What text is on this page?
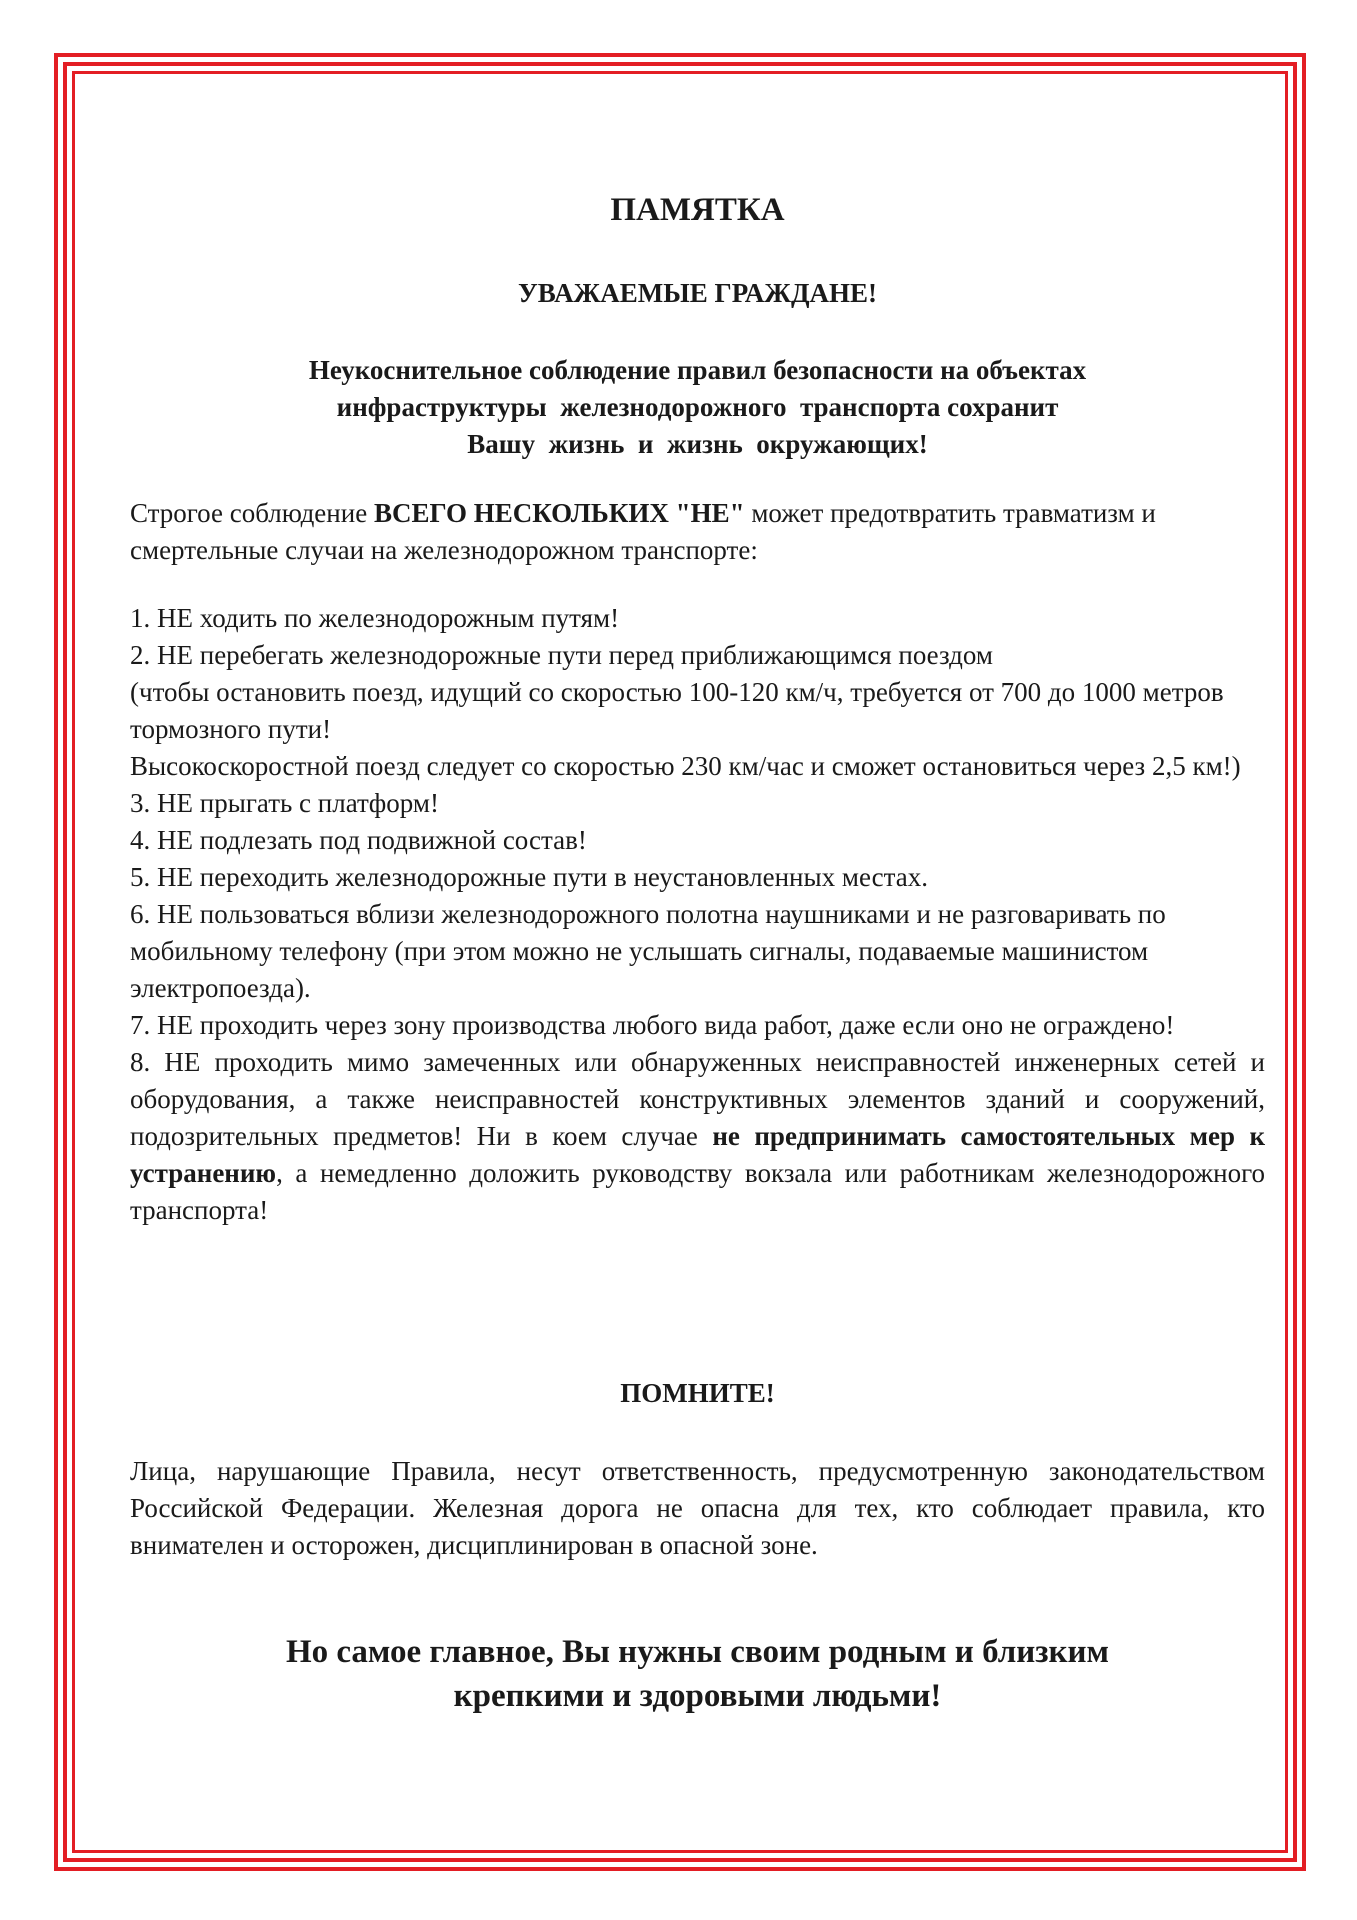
ПАМЯТКА
УВАЖАЕМЫЕ ГРАЖДАНЕ!
Неукоснительное соблюдение правил безопасности на объектах
инфраструктуры  железнодорожного  транспорта сохранит
Вашу  жизнь  и  жизнь  окружающих!
Строгое соблюдение ВСЕГО НЕСКОЛЬКИХ "НЕ" может предотвратить травматизм и смертельные случаи на железнодорожном транспорте:

1. НЕ ходить по железнодорожным путям!

2. НЕ перебегать железнодорожные пути перед приближающимся поездом

(чтобы остановить поезд, идущий со скоростью 100-120 км/ч, требуется от 700 до 1000 метров тормозного пути!

Высокоскоростной поезд следует со скоростью 230 км/час и сможет остановиться через 2,5 км!)

3. НЕ прыгать с платформ!

4. НЕ подлезать под подвижной состав!

5. НЕ переходить железнодорожные пути в неустановленных местах.

6. НЕ пользоваться вблизи железнодорожного полотна наушниками и не разговаривать по мобильному телефону (при этом можно не услышать сигналы, подаваемые машинистом электропоезда).

7. НЕ проходить через зону производства любого вида работ, даже если оно не ограждено!

8. НЕ проходить мимо замеченных или обнаруженных неисправностей инженерных сетей и оборудования, а также неисправностей конструктивных элементов зданий и сооружений, подозрительных предметов! Ни в коем случае не предпринимать самостоятельных мер к устранению, а немедленно доложить руководству вокзала или работникам железнодорожного транспорта!

ПОМНИТЕ!
Лица, нарушающие Правила, несут ответственность, предусмотренную законодательством Российской Федерации. Железная дорога не опасна для тех, кто соблюдает правила, кто внимателен и осторожен, дисциплинирован в опасной зоне.
Но самое главное, Вы нужны своим родным и близким
крепкими и здоровыми людьми!
